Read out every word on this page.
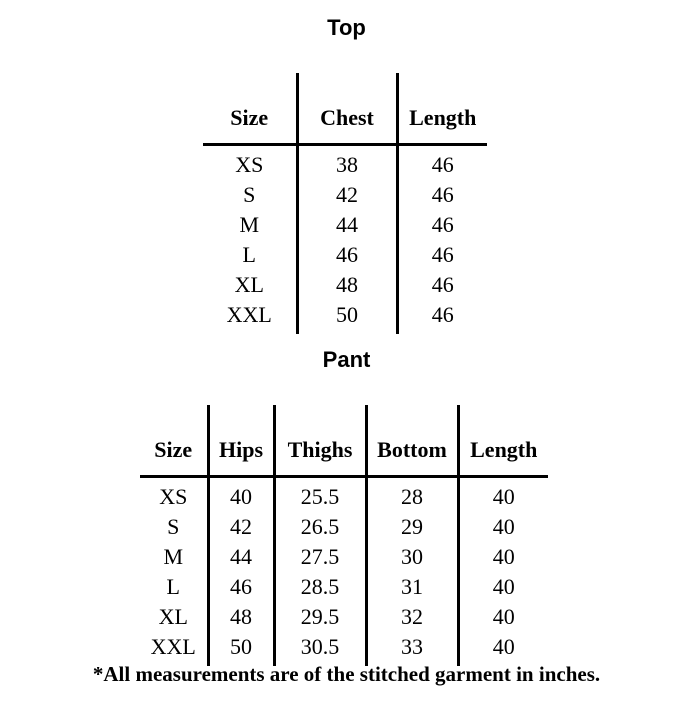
Top
Size	Chest	Length
XS	38	46
S	42	46
M	44	46
L	46	46
XL	48	46
XXL	50	46
Pant
Size	Hips	Thighs	Bottom	Length
XS	40	25.5	28	40
S	42	26.5	29	40
M	44	27.5	30	40
L	46	28.5	31	40
XL	48	29.5	32	40
XXL	50	30.5	33	40
*All measurements are of the stitched garment in inches.
